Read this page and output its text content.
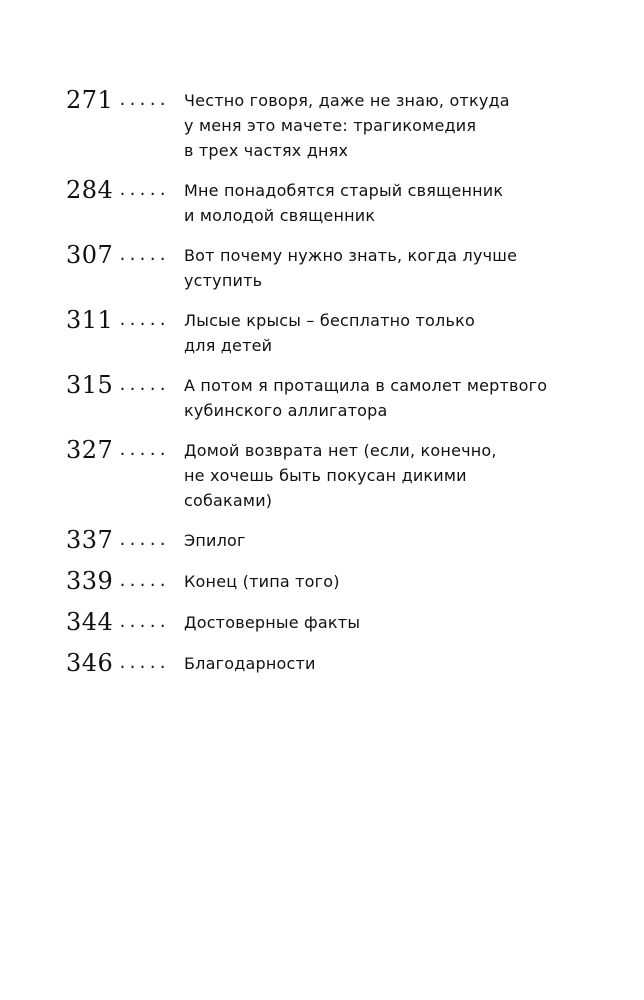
271 ..... Честно говоря, даже не знаю, откуда
у меня это мачете: трагикомедия
в трех частях днях
284 ..... Мне понадобятся старый священник
и молодой священник
307 ..... Вот почему нужно знать, когда лучше
уступить
311 ..... Лысые крысы – бесплатно только
для детей
315 ..... А потом я протащила в самолет мертвого
кубинского аллигатора
327 ..... Домой возврата нет (если, конечно,
не хочешь быть покусан дикими
собаками)
337 ..... Эпилог
339 ..... Конец (типа того)
344 ..... Достоверные факты
346 ..... Благодарности
